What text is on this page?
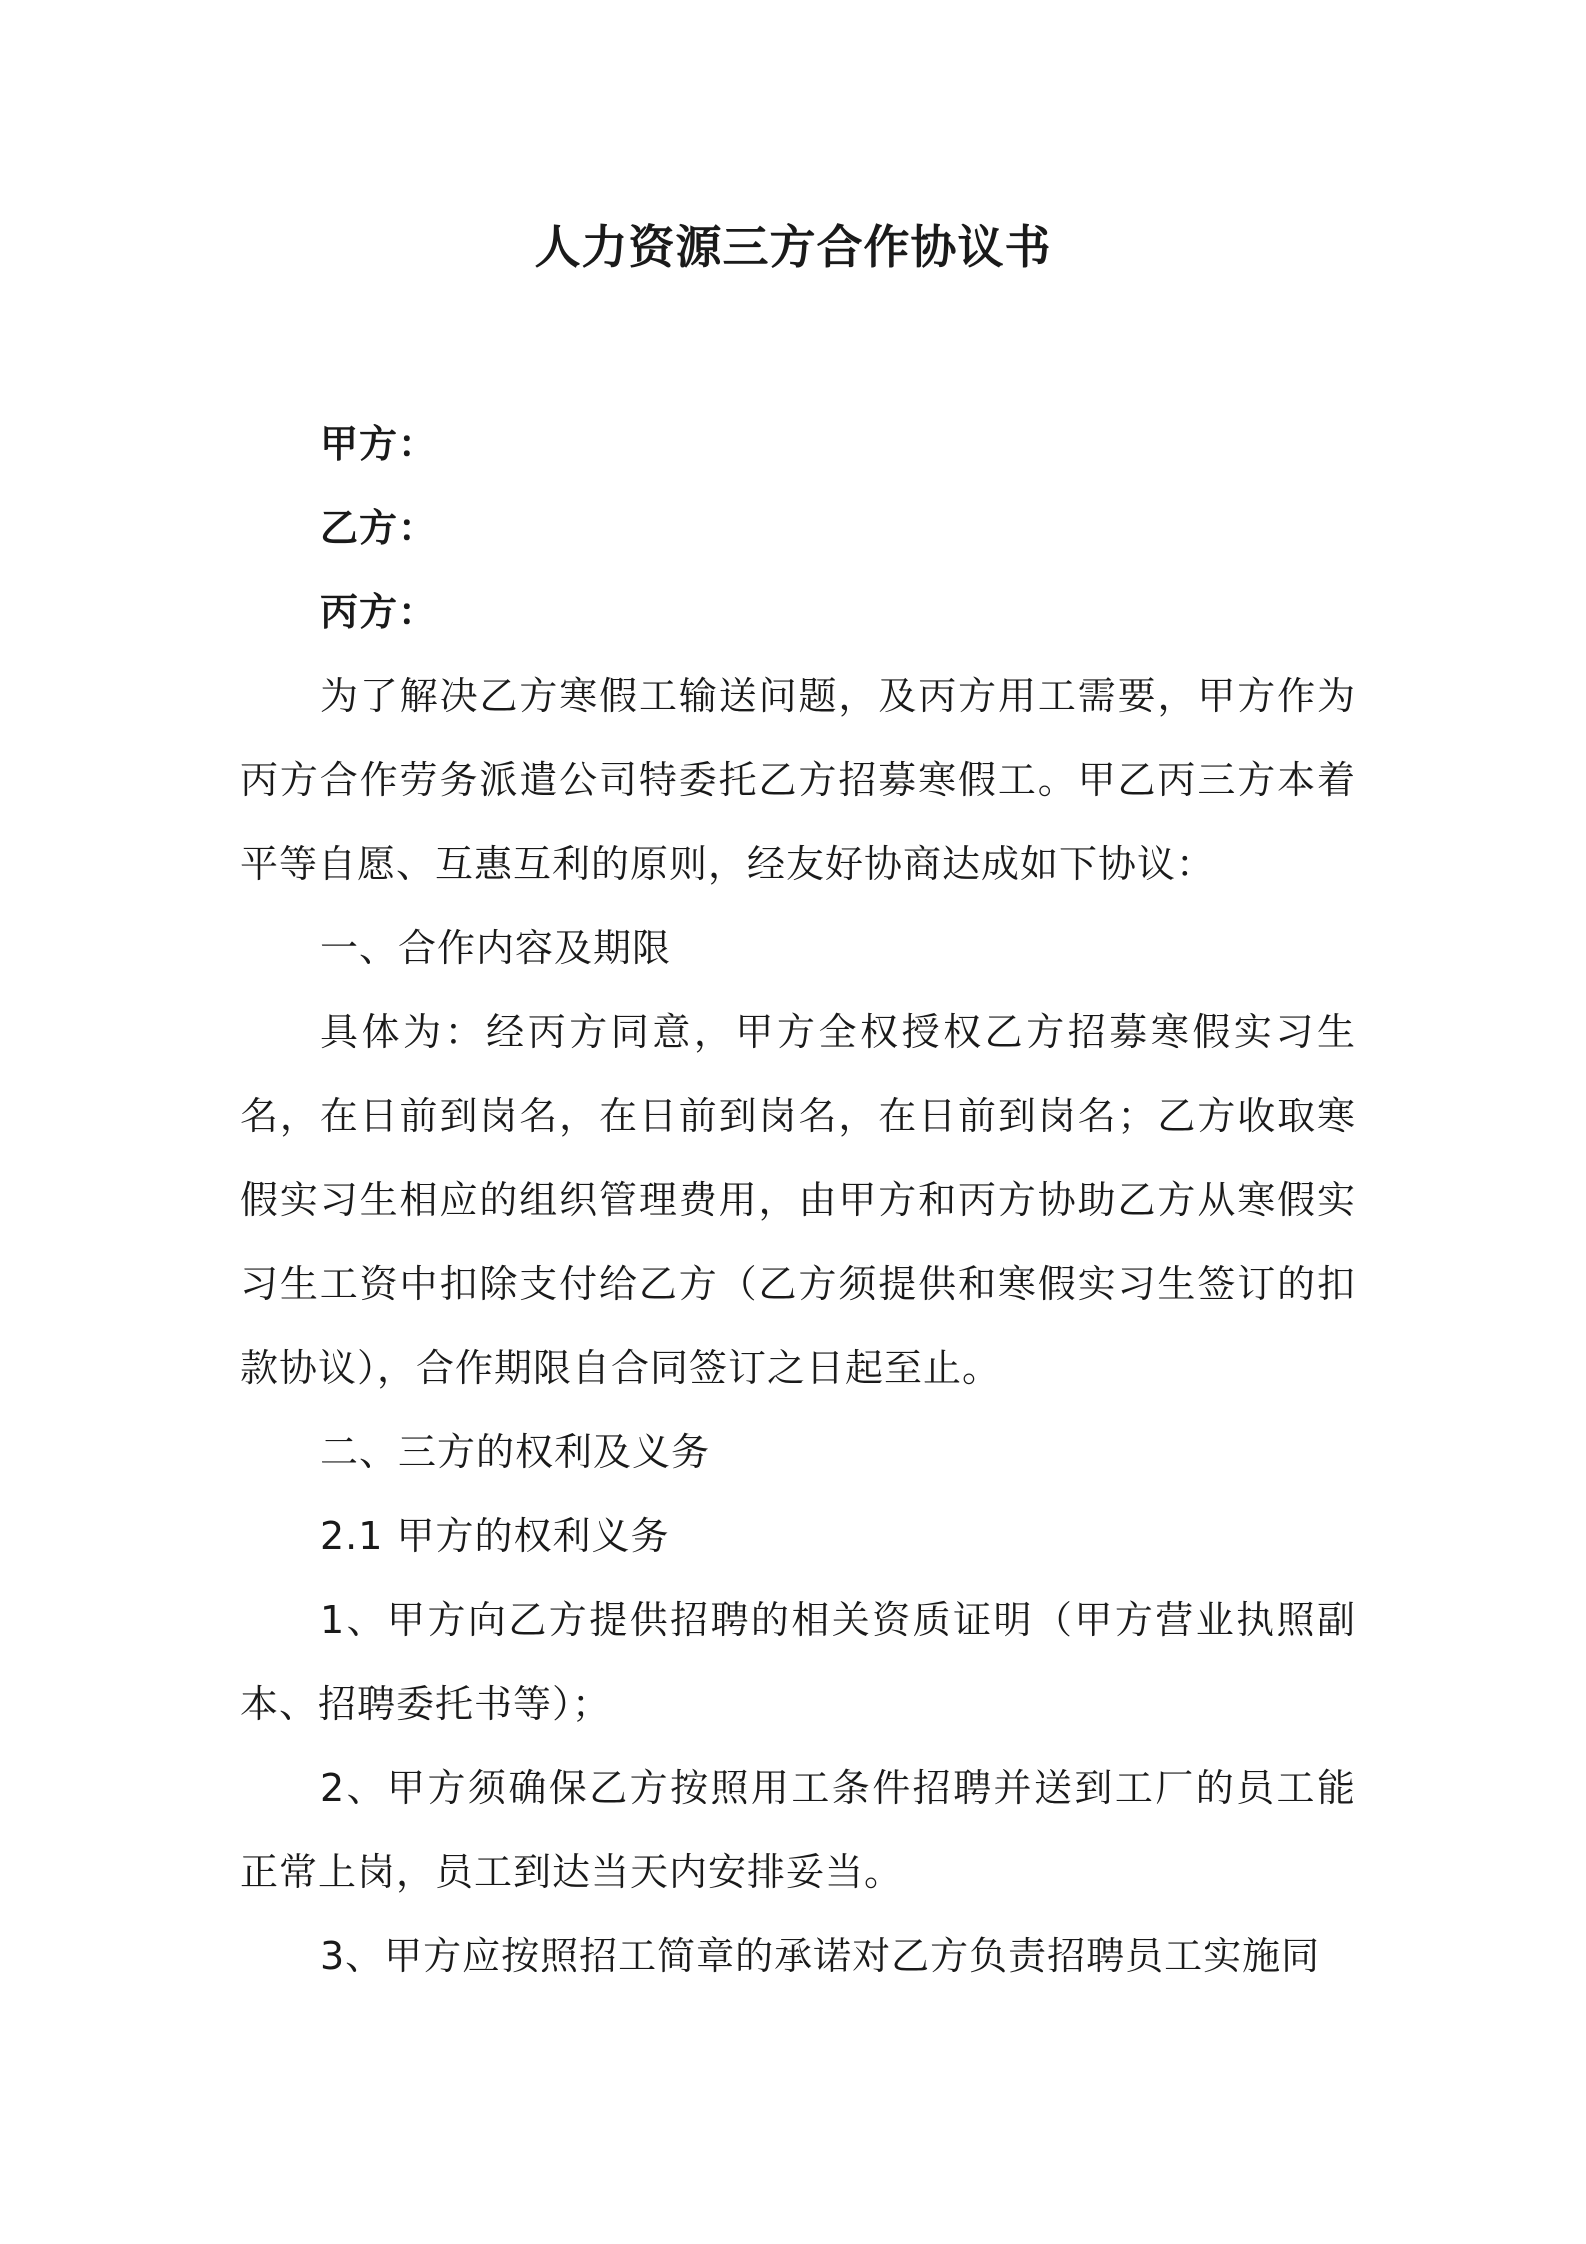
人力资源三方合作协议书

甲方：

乙方：

丙方：

为了解决乙方寒假工输送问题，及丙方用工需要，甲方作为丙方合作劳务派遣公司特委托乙方招募寒假工。甲乙丙三方本着平等自愿、互惠互利的原则，经友好协商达成如下协议：

一、合作内容及期限

具体为：经丙方同意，甲方全权授权乙方招募寒假实习生名，在日前到岗名，在日前到岗名，在日前到岗名；乙方收取寒假实习生相应的组织管理费用，由甲方和丙方协助乙方从寒假实习生工资中扣除支付给乙方（乙方须提供和寒假实习生签订的扣款协议），合作期限自合同签订之日起至止。

二、三方的权利及义务

2.1 甲方的权利义务

1、甲方向乙方提供招聘的相关资质证明（甲方营业执照副本、招聘委托书等）；

2、甲方须确保乙方按照用工条件招聘并送到工厂的员工能正常上岗，员工到达当天内安排妥当。

3、甲方应按照招工简章的承诺对乙方负责招聘员工实施同
